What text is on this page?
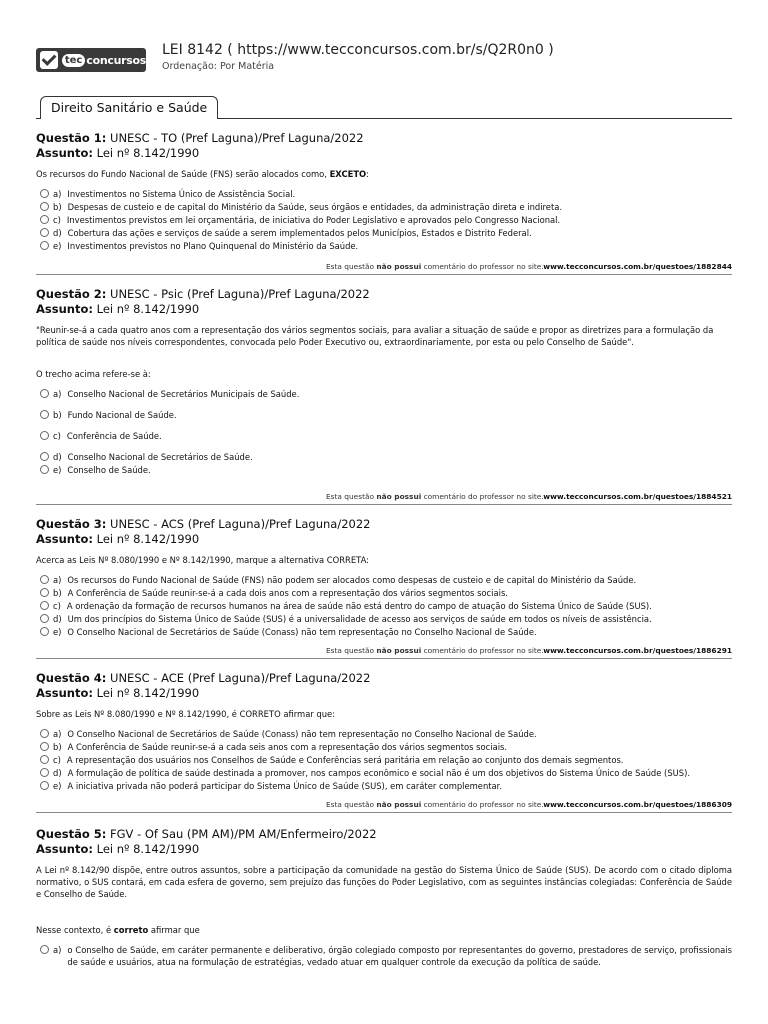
tec concursos
LEI 8142 ( https://www.tecconcursos.com.br/s/Q2R0n0 )
Ordenação: Por Matéria
Direito Sanitário e Saúde
Questão 1: UNESC - TO (Pref Laguna)/Pref Laguna/2022
Assunto: Lei nº 8.142/1990
Os recursos do Fundo Nacional de Saúde (FNS) serão alocados como, EXCETO:
a) Investimentos no Sistema Único de Assistência Social.
b) Despesas de custeio e de capital do Ministério da Saúde, seus órgãos e entidades, da administração direta e indireta.
c) Investimentos previstos em lei orçamentária, de iniciativa do Poder Legislativo e aprovados pelo Congresso Nacional.
d) Cobertura das ações e serviços de saúde a serem implementados pelos Municípios, Estados e Distrito Federal.
e) Investimentos previstos no Plano Quinquenal do Ministério da Saúde.
Esta questão não possui comentário do professor no site. www.tecconcursos.com.br/questoes/1882844
Questão 2: UNESC - Psic (Pref Laguna)/Pref Laguna/2022
Assunto: Lei nº 8.142/1990
"Reunir-se-á a cada quatro anos com a representação dos vários segmentos sociais, para avaliar a situação de saúde e propor as diretrizes para a formulação da política de saúde nos níveis correspondentes, convocada pelo Poder Executivo ou, extraordinariamente, por esta ou pelo Conselho de Saúde".
O trecho acima refere-se à:
a) Conselho Nacional de Secretários Municipais de Saúde.
b) Fundo Nacional de Saúde.
c) Conferência de Saúde.
d) Conselho Nacional de Secretários de Saúde.
e) Conselho de Saúde.
Esta questão não possui comentário do professor no site. www.tecconcursos.com.br/questoes/1884521
Questão 3: UNESC - ACS (Pref Laguna)/Pref Laguna/2022
Assunto: Lei nº 8.142/1990
Acerca as Leis Nº 8.080/1990 e Nº 8.142/1990, marque a alternativa CORRETA:
a) Os recursos do Fundo Nacional de Saúde (FNS) não podem ser alocados como despesas de custeio e de capital do Ministério da Saúde.
b) A Conferência de Saúde reunir-se-á a cada dois anos com a representação dos vários segmentos sociais.
c) A ordenação da formação de recursos humanos na área de saúde não está dentro do campo de atuação do Sistema Único de Saúde (SUS).
d) Um dos princípios do Sistema Único de Saúde (SUS) é a universalidade de acesso aos serviços de saúde em todos os níveis de assistência.
e) O Conselho Nacional de Secretários de Saúde (Conass) não tem representação no Conselho Nacional de Saúde.
Esta questão não possui comentário do professor no site. www.tecconcursos.com.br/questoes/1886291
Questão 4: UNESC - ACE (Pref Laguna)/Pref Laguna/2022
Assunto: Lei nº 8.142/1990
Sobre as Leis Nº 8.080/1990 e Nº 8.142/1990, é CORRETO afirmar que:
a) O Conselho Nacional de Secretários de Saúde (Conass) não tem representação no Conselho Nacional de Saúde.
b) A Conferência de Saúde reunir-se-á a cada seis anos com a representação dos vários segmentos sociais.
c) A representação dos usuários nos Conselhos de Saúde e Conferências será paritária em relação ao conjunto dos demais segmentos.
d) A formulação de política de saúde destinada a promover, nos campos econômico e social não é um dos objetivos do Sistema Único de Saúde (SUS).
e) A iniciativa privada não poderá participar do Sistema Único de Saúde (SUS), em caráter complementar.
Esta questão não possui comentário do professor no site. www.tecconcursos.com.br/questoes/1886309
Questão 5: FGV - Of Sau (PM AM)/PM AM/Enfermeiro/2022
Assunto: Lei nº 8.142/1990
A Lei nº 8.142/90 dispõe, entre outros assuntos, sobre a participação da comunidade na gestão do Sistema Único de Saúde (SUS). De acordo com o citado diploma normativo, o SUS contará, em cada esfera de governo, sem prejuízo das funções do Poder Legislativo, com as seguintes instâncias colegiadas: Conferência de Saúde e Conselho de Saúde.
Nesse contexto, é correto afirmar que
a) o Conselho de Saúde, em caráter permanente e deliberativo, órgão colegiado composto por representantes do governo, prestadores de serviço, profissionais de saúde e usuários, atua na formulação de estratégias, vedado atuar em qualquer controle da execução da política de saúde.
